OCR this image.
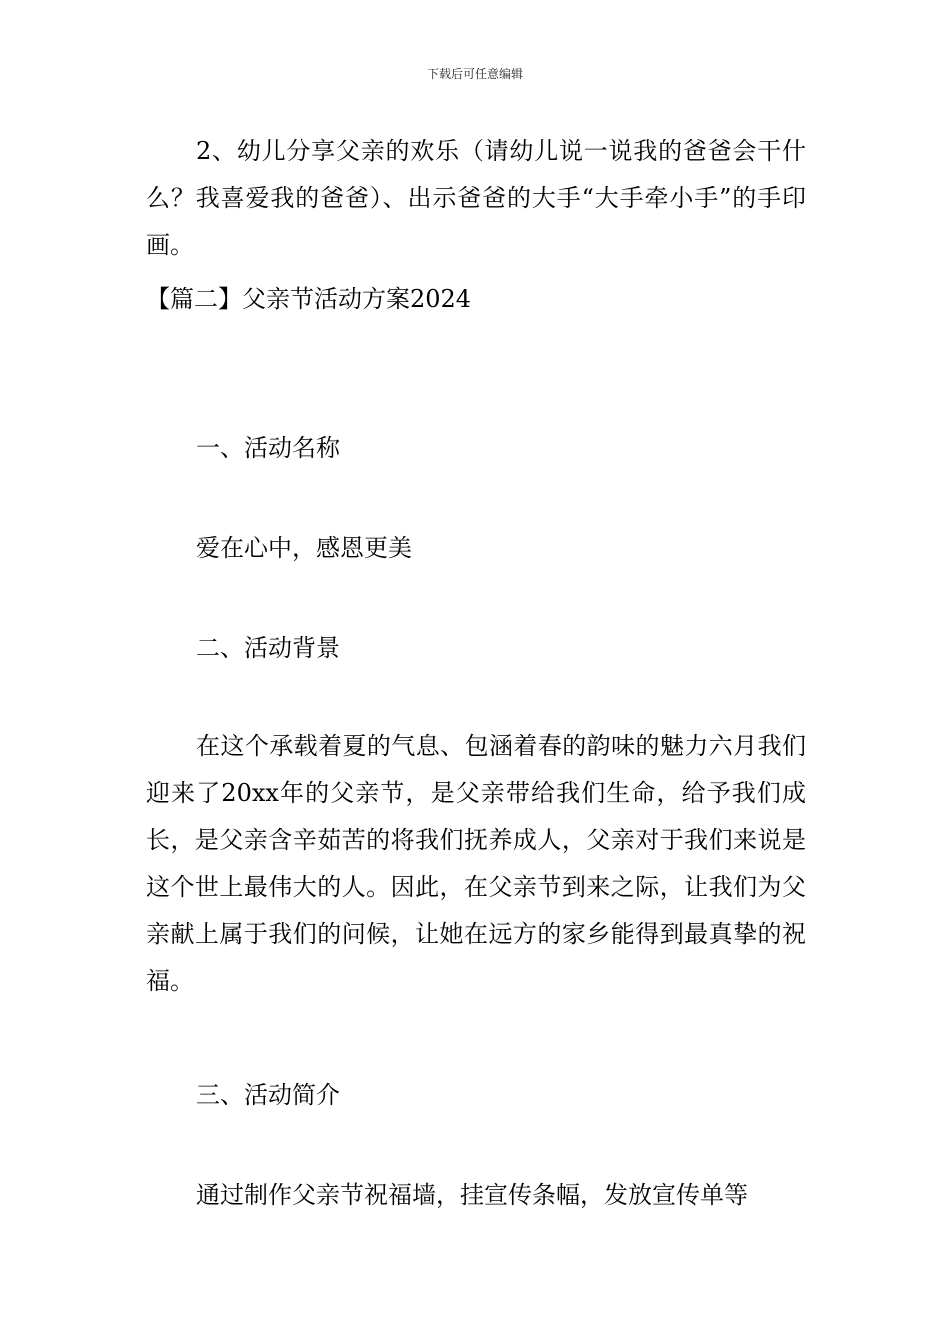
下载后可任意编辑

2、幼儿分享父亲的欢乐（请幼儿说一说我的爸爸会干什么？我喜爱我的爸爸）、出示爸爸的大手“大手牵小手”的手印画。

【篇二】父亲节活动方案2024

一、活动名称

爱在心中，感恩更美

二、活动背景

在这个承载着夏的气息、包涵着春的韵味的魅力六月我们迎来了20xx年的父亲节，是父亲带给我们生命，给予我们成长，是父亲含辛茹苦的将我们抚养成人，父亲对于我们来说是这个世上最伟大的人。因此，在父亲节到来之际，让我们为父亲献上属于我们的问候，让她在远方的家乡能得到最真挚的祝福。

三、活动简介

通过制作父亲节祝福墙，挂宣传条幅，发放宣传单等
